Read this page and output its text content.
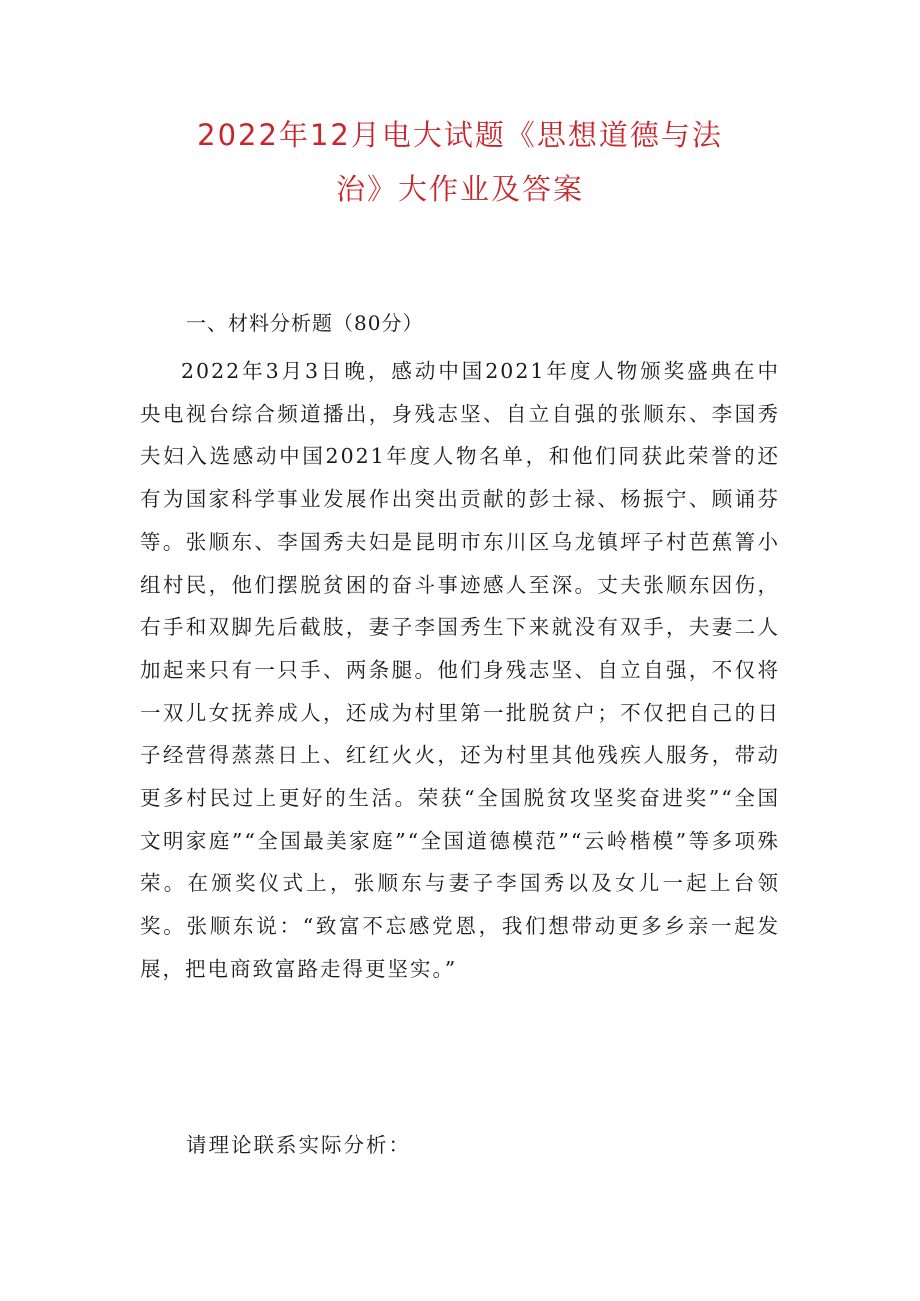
2022年12月电大试题《思想道德与法
治》大作业及答案

一、材料分析题（80分）

2022年3月3日晚，感动中国2021年度人物颁奖盛典在中央电视台综合频道播出，身残志坚、自立自强的张顺东、李国秀夫妇入选感动中国2021年度人物名单，和他们同获此荣誉的还有为国家科学事业发展作出突出贡献的彭士禄、杨振宁、顾诵芬等。张顺东、李国秀夫妇是昆明市东川区乌龙镇坪子村芭蕉箐小组村民，他们摆脱贫困的奋斗事迹感人至深。丈夫张顺东因伤，右手和双脚先后截肢，妻子李国秀生下来就没有双手，夫妻二人加起来只有一只手、两条腿。他们身残志坚、自立自强，不仅将一双儿女抚养成人，还成为村里第一批脱贫户；不仅把自己的日子经营得蒸蒸日上、红红火火，还为村里其他残疾人服务，带动更多村民过上更好的生活。荣获“全国脱贫攻坚奖奋进奖”“全国文明家庭”“全国最美家庭”“全国道德模范”“云岭楷模”等多项殊荣。在颁奖仪式上，张顺东与妻子李国秀以及女儿一起上台领奖。张顺东说：“致富不忘感党恩，我们想带动更多乡亲一起发展，把电商致富路走得更坚实。”

请理论联系实际分析：
